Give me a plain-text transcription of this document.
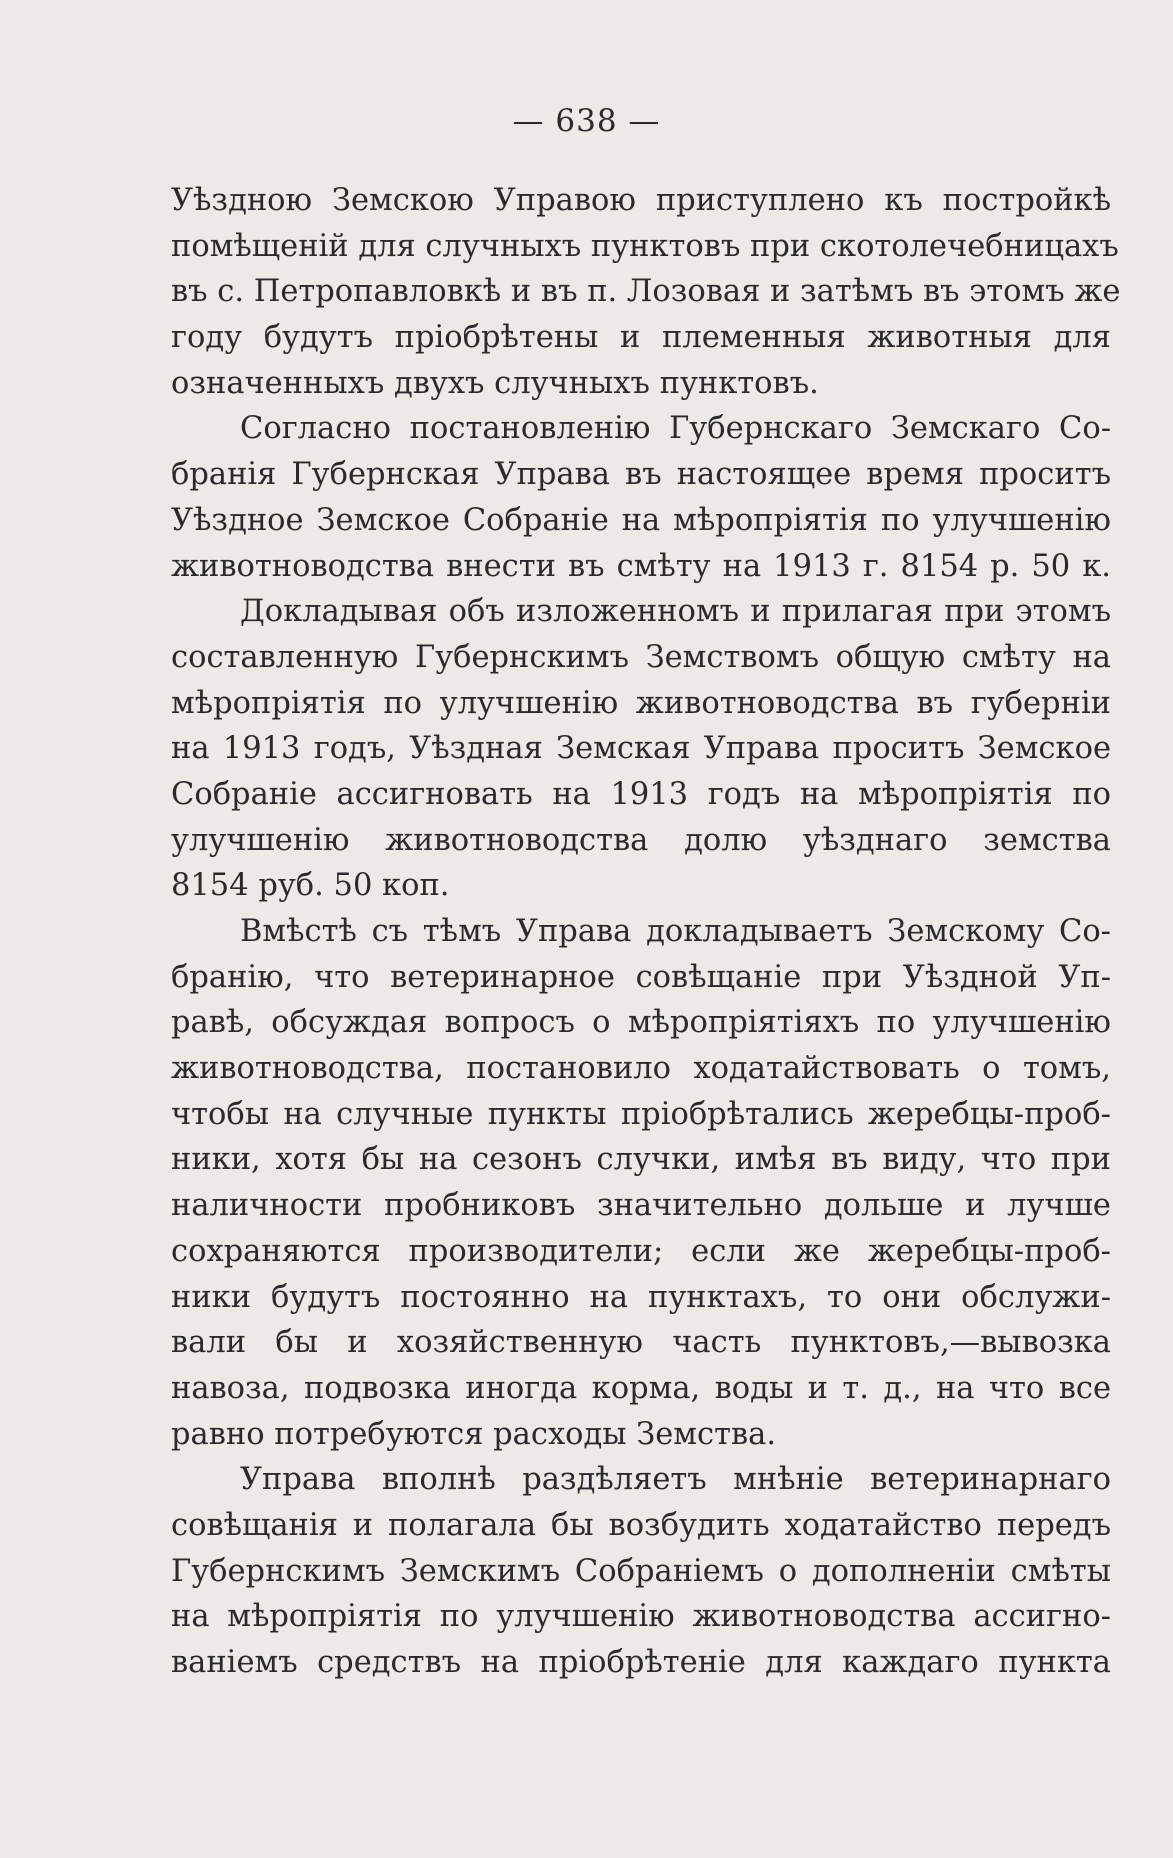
— 638 —
Уѣздною Земскою Управою приступлено къ постройкѣ
помѣщеній для случныхъ пунктовъ при скотолечебницахъ
въ с. Петропавловкѣ и въ п. Лозовая и затѣмъ въ этомъ же
году будутъ пріобрѣтены и племенныя животныя для
означенныхъ двухъ случныхъ пунктовъ.
Согласно постановленію Губернскаго Земскаго Со-
бранія Губернская Управа въ настоящее время проситъ
Уѣздное Земское Собраніе на мѣропріятія по улучшенію
животноводства внести въ смѣту на 1913 г. 8154 р. 50 к.
Докладывая объ изложенномъ и прилагая при этомъ
составленную Губернскимъ Земствомъ общую смѣту на
мѣропріятія по улучшенію животноводства въ губерніи
на 1913 годъ, Уѣздная Земская Управа проситъ Земское
Собраніе ассигновать на 1913 годъ на мѣропріятія по
улучшенію животноводства долю уѣзднаго земства
8154 руб. 50 коп.
Вмѣстѣ съ тѣмъ Управа докладываетъ Земскому Со-
бранію, что ветеринарное совѣщаніе при Уѣздной Уп-
равѣ, обсуждая вопросъ о мѣропріятіяхъ по улучшенію
животноводства, постановило ходатайствовать о томъ,
чтобы на случные пункты пріобрѣтались жеребцы-проб-
ники, хотя бы на сезонъ случки, имѣя въ виду, что при
наличности пробниковъ значительно дольше и лучше
сохраняются производители; если же жеребцы-проб-
ники будутъ постоянно на пунктахъ, то они обслужи-
вали бы и хозяйственную часть пунктовъ,—вывозка
навоза, подвозка иногда корма, воды и т. д., на что все
равно потребуются расходы Земства.
Управа вполнѣ раздѣляетъ мнѣніе ветеринарнаго
совѣщанія и полагала бы возбудить ходатайство передъ
Губернскимъ Земскимъ Собраніемъ о дополненіи смѣты
на мѣропріятія по улучшенію животноводства ассигно-
ваніемъ средствъ на пріобрѣтеніе для каждаго пункта
